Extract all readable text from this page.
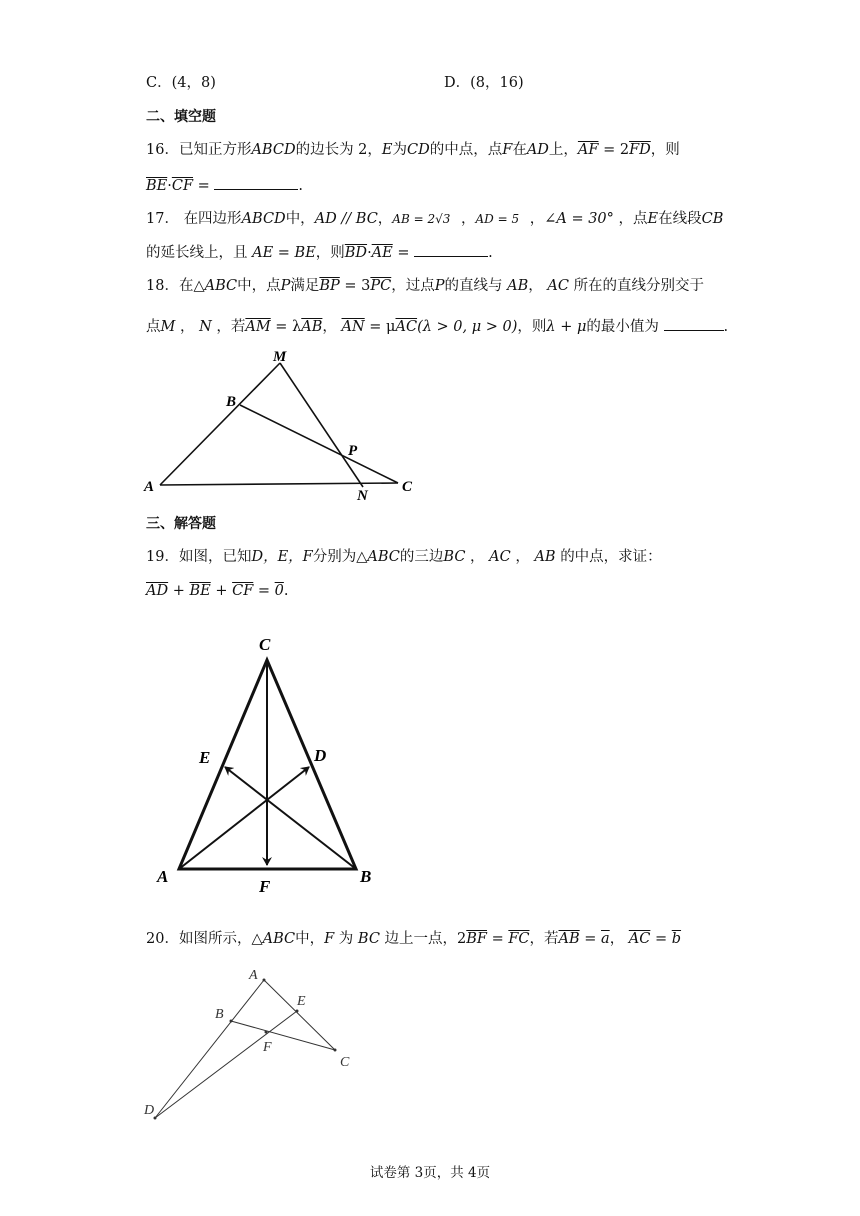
C．(4，8)	D．(8，16)
二、填空题
16．已知正方形ABCD的边长为 2，E为CD的中点，点F在AD上，$\overline{AF} = 2\overline{FD}$，则
$\overline{BE}\cdot\overline{CF}$ =	.
17． 在四边形ABCD中，AD // BC，AB = 2√3 ，AD = 5 ，∠A = 30° ，点E在线段CB
的延长线上，且 AE = BE，则$\overline{BD}\cdot\overline{AE}$ =	.
18．在△ABC中，点P满足$\overline{BP} = 3\overline{PC}$，过点P的直线与 AB， AC 所在的直线分别交于
点M ， N ，若$\overline{AM} = \lambda\overline{AB}$， $\overline{AN} = \mu\overline{AC}(\lambda > 0$, μ > 0)，则λ + μ的最小值为	.
A
B
C
M
N
P
三、解答题
19．如图，已知D，E，F分别为△ABC的三边BC ， AC ， AB 的中点，求证：
$\overline{AD} + \overline{BE} + \overline{CF} = 0$.
C
A	B
D
E
F
20．如图所示，△ABC中，F 为 BC 边上一点，$2\overline{BF} = \overline{FC}$，若$\overline{AB} = \overline{a}$， $\overline{AC} = \overline{b}$
A
B
C
D
E
F
试卷第 3页，共 4页
